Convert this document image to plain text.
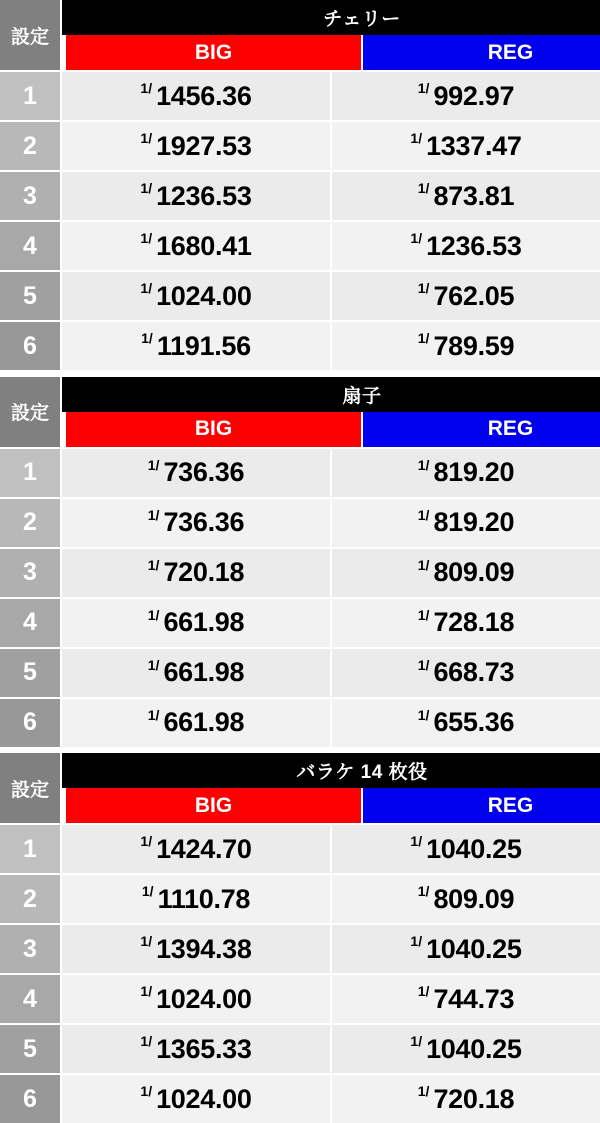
設定
チェリー
BIG	REG
1	1/ 1456.36	1/ 992.97
2	1/ 1927.53	1/ 1337.47
3	1/ 1236.53	1/ 873.81
4	1/ 1680.41	1/ 1236.53
5	1/ 1024.00	1/ 762.05
6	1/ 1191.56	1/ 789.59
設定
扇子
BIG	REG
1	1/ 736.36	1/ 819.20
2	1/ 736.36	1/ 819.20
3	1/ 720.18	1/ 809.09
4	1/ 661.98	1/ 728.18
5	1/ 661.98	1/ 668.73
6	1/ 661.98	1/ 655.36
設定
バラケ 14 枚役
BIG	REG
1	1/ 1424.70	1/ 1040.25
2	1/ 1110.78	1/ 809.09
3	1/ 1394.38	1/ 1040.25
4	1/ 1024.00	1/ 744.73
5	1/ 1365.33	1/ 1040.25
6	1/ 1024.00	1/ 720.18
